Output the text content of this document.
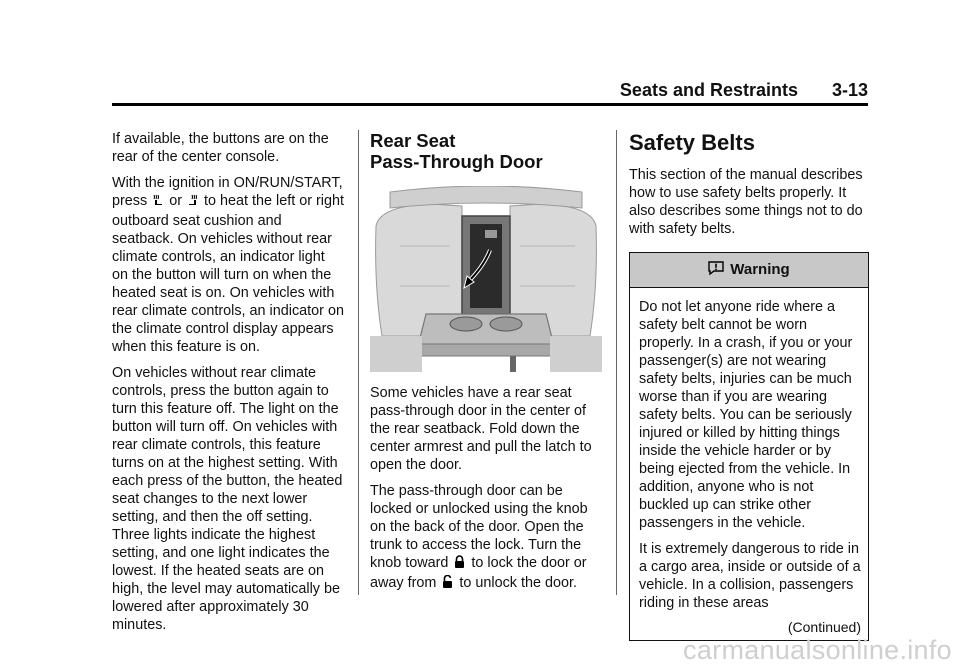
Seats and Restraints 3-13

If available, the buttons are on the rear of the center console.

With the ignition in ON/RUN/START, press or to heat the left or right outboard seat cushion and seatback. On vehicles without rear climate controls, an indicator light on the button will turn on when the heated seat is on. On vehicles with rear climate controls, an indicator on the climate control display appears when this feature is on.

On vehicles without rear climate controls, press the button again to turn this feature off. The light on the button will turn off. On vehicles with rear climate controls, this feature turns on at the highest setting. With each press of the button, the heated seat changes to the next lower setting, and then the off setting. Three lights indicate the highest setting, and one light indicates the lowest. If the heated seats are on high, the level may automatically be lowered after approximately 30 minutes.

Rear Seat
Pass-Through Door

Some vehicles have a rear seat pass-through door in the center of the rear seatback. Fold down the center armrest and pull the latch to open the door.

The pass-through door can be locked or unlocked using the knob on the back of the door. Open the trunk to access the lock. Turn the knob toward to lock the door or away from to unlock the door.

Safety Belts

This section of the manual describes how to use safety belts properly. It also describes some things not to do with safety belts.

Warning

Do not let anyone ride where a safety belt cannot be worn properly. In a crash, if you or your passenger(s) are not wearing safety belts, injuries can be much worse than if you are wearing safety belts. You can be seriously injured or killed by hitting things inside the vehicle harder or by being ejected from the vehicle. In addition, anyone who is not buckled up can strike other passengers in the vehicle.

It is extremely dangerous to ride in a cargo area, inside or outside of a vehicle. In a collision, passengers riding in these areas

(Continued)
carmanualsonline.info
